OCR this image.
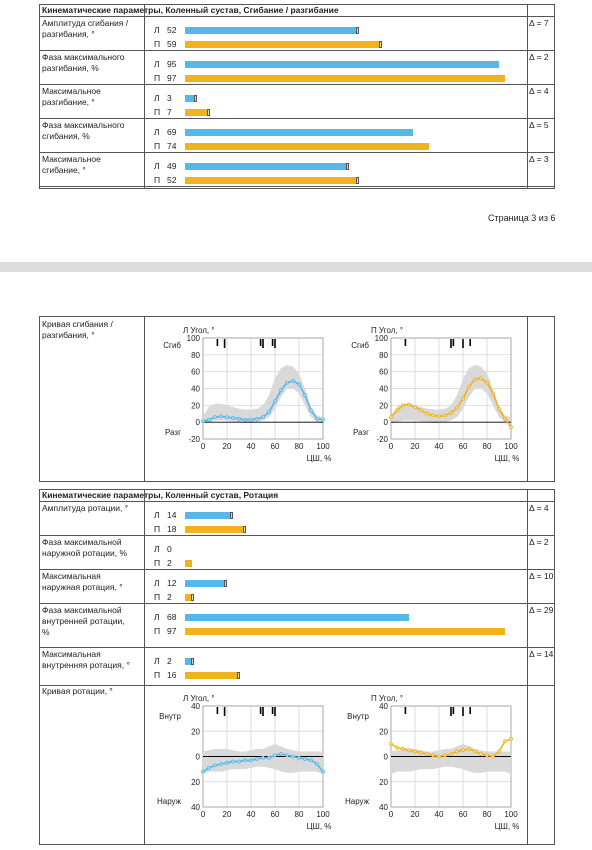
Кинематические параметры, Коленный сустав, Сгибание / разгибание
Амплитуда сгибания / разгибания, °	Л 52
П 59
Δ = 7
Фаза максимального разгибания, %	Л 95
П 97
Δ = 2
Максимальное разгибание, °	Л 3
П 7
Δ = 4
Фаза максимального сгибания, %	Л 69
П 74
Δ = 5
Максимальное сгибание, °	Л 49
П 52
Δ = 3
Страница 3 из 6
Кривая сгибания / разгибания, °	100
80
60
40
20
0
-20
0 20 40 60 80 100
ЦШ, %
Л Угол, °
Сгиб
Разг
100
80
60
40
20
0
-20
0 20 40 60 80 100
ЦШ, %
П Угол, °
Сгиб
Разг
Кинематические параметры, Коленный сустав, Ротация
Амплитуда ротации, °
Л 14
П 18
Δ = 4
Фаза максимальной наружной ротации, %	Л 0
П 2
Δ = 2
Максимальная наружная ротация, °	Л 12
П 2
Δ = 10
Фаза максимальной внутренней ротации, %
Л 68
П 97
Δ = 29
Максимальная внутренняя ротация, °	Л 2
П 16
Δ = 14
Кривая ротации, °
40
20
0
20
40
0 20 40 60 80 100
ЦШ, %
Л Угол, °
Внутр
Наруж
40
20
0
20
40
0 20 40 60 80 100
ЦШ, %
П Угол, °
Внутр
Наруж
